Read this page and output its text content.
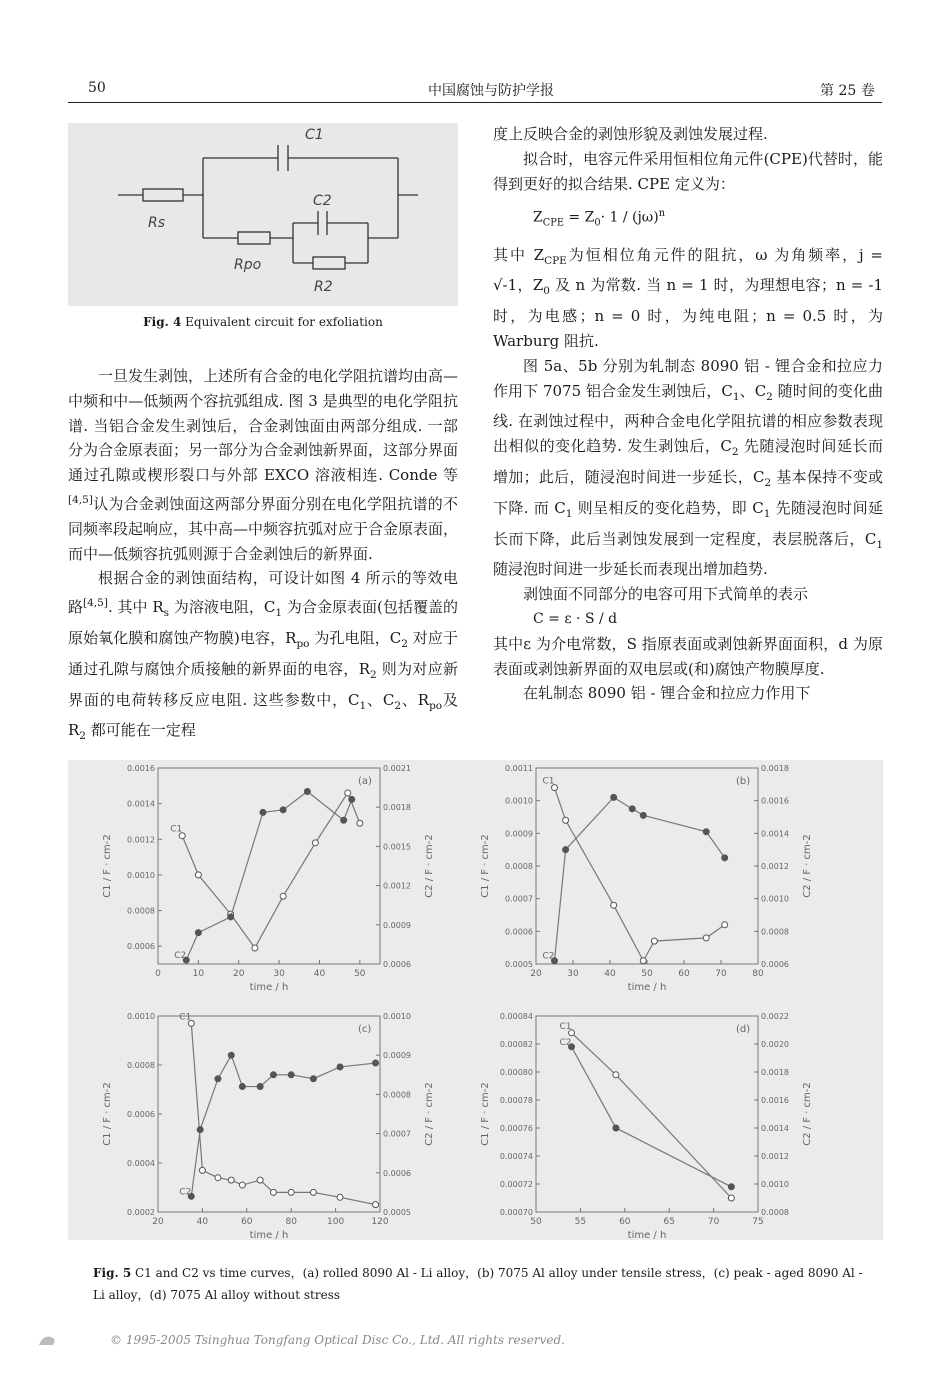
50	中国腐蚀与防护学报	第 25 卷
C1
C2
Rs
Rpo
R2
Fig. 4 Equivalent circuit for exfoliation

一旦发生剥蚀，上述所有合金的电化学阻抗谱均由高—中频和中—低频两个容抗弧组成. 图 3 是典型的电化学阻抗谱. 当铝合金发生剥蚀后，合金剥蚀面由两部分组成. 一部分为合金原表面；另一部分为合金剥蚀新界面，这部分界面通过孔隙或楔形裂口与外部 EXCO 溶液相连. Conde 等[4,5]认为合金剥蚀面这两部分界面分别在电化学阻抗谱的不同频率段起响应，其中高—中频容抗弧对应于合金原表面，而中—低频容抗弧则源于合金剥蚀后的新界面.

根据合金的剥蚀面结构，可设计如图 4 所示的等效电路[4,5]. 其中 $R_s$ 为溶液电阻，$C_1$ 为合金原表面(包括覆盖的原始氧化膜和腐蚀产物膜)电容，$R_{po}$ 为孔电阻，$C_2$ 对应于通过孔隙与腐蚀介质接触的新界面的电容，$R_2$ 则为对应新界面的电荷转移反应电阻. 这些参数中，$C_1$、$C_2$、$R_{po}$及 $R_2$ 都可能在一定程

度上反映合金的剥蚀形貌及剥蚀发展过程.

拟合时，电容元件采用恒相位角元件(CPE)代替时，能得到更好的拟合结果. CPE 定义为：

$Z_{CPE} = Z_0\cdot 1 / (j\omega)^n$

其中 $Z_{CPE}$为恒相位角元件的阻抗，ω 为角频率，j = √-1，$Z_0$ 及 n 为常数. 当 n = 1 时，为理想电容；n = -1 时，为电感；n = 0 时，为纯电阻；n = 0.5 时，为 Warburg 阻抗.

图 5a、5b 分别为轧制态 8090 铝 - 锂合金和拉应力作用下 7075 铝合金发生剥蚀后，$C_1$、$C_2$ 随时间的变化曲线. 在剥蚀过程中，两种合金电化学阻抗谱的相应参数表现出相似的变化趋势. 发生剥蚀后，$C_2$ 先随浸泡时间延长而增加；此后，随浸泡时间进一步延长，$C_2$ 基本保持不变或下降. 而 $C_1$ 则呈相反的变化趋势，即 $C_1$ 先随浸泡时间延长而下降，此后当剥蚀发展到一定程度，表层脱落后，$C_1$ 随浸泡时间进一步延长而表现出增加趋势.

剥蚀面不同部分的电容可用下式简单的表示

C = ε · S / d

其中ε 为介电常数，S 指原表面或剥蚀新界面面积，d 为原表面或剥蚀新界面的双电层或(和)腐蚀产物膜厚度.

在轧制态 8090 铝 - 锂合金和拉应力作用下

0	10	20	30	40	50
0.0006
0.0008
0.0010
0.0012
0.0014
0.0016
0.0006
0.0009
0.0012
0.0015
0.0018
0.0021
time / h
C1 / F · cm-2	C2 / F · cm-2
(a)
C1
C2
20	30	40	50	60	70	80
0.0005
0.0006
0.0007
0.0008
0.0009
0.0010
0.0011
0.0006
0.0008
0.0010
0.0012
0.0014
0.0016
0.0018
time / h
C1 / F · cm-2	C2 / F · cm-2
(b)
C1
C2
20	40	60	80	100	120
0.0002
0.0004
0.0006
0.0008
0.0010
0.0005
0.0006
0.0007
0.0008
0.0009
0.0010
time / h
C1 / F · cm-2	C2 / F · cm-2
(c)
C1
C2
50	55	60	65	70	75
0.00070
0.00072
0.00074
0.00076
0.00078
0.00080
0.00082
0.00084
0.0008
0.0010
0.0012
0.0014
0.0016
0.0018
0.0020
0.0022
time / h
C1 / F · cm-2	C2 / F · cm-2
(d)
C1
C2
Fig. 5 C1 and C2 vs time curves，(a) rolled 8090 Al - Li alloy，(b) 7075 Al alloy under tensile stress，(c) peak - aged 8090 Al - Li alloy，(d) 7075 Al alloy without stress
© 1995-2005 Tsinghua Tongfang Optical Disc Co., Ltd. All rights reserved.
